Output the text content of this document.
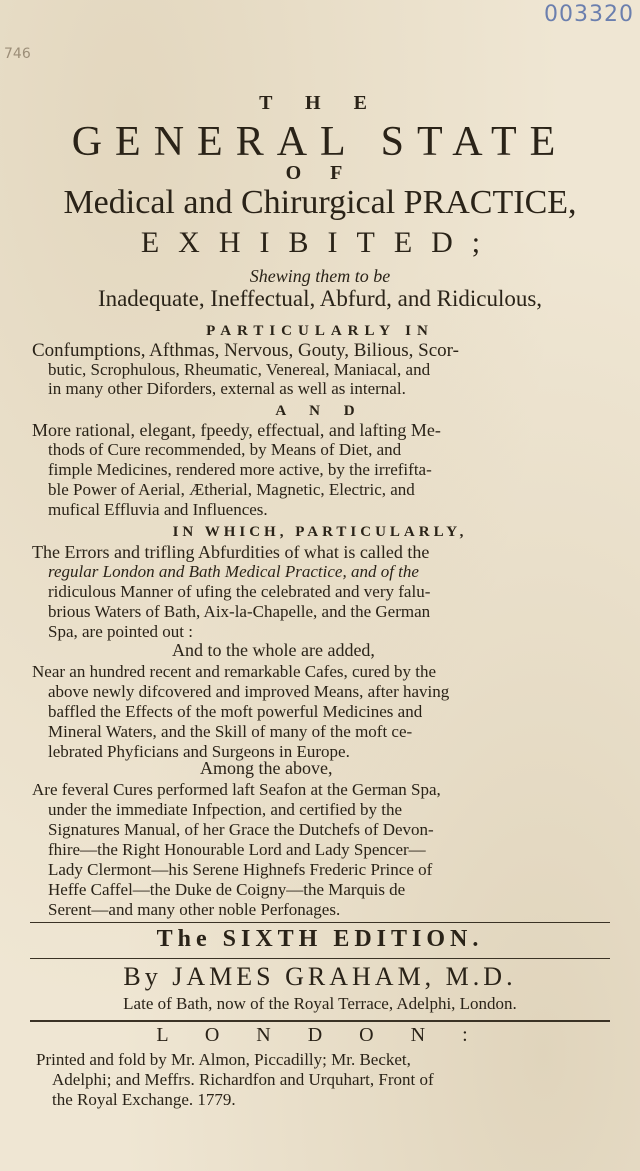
003320
746
T H E
GENERAL STATE
O F
Medical and Chirurgical PRACTICE,
EXHIBITED;
Shewing them to be
Inadequate, Ineffectual, Abfurd, and Ridiculous,
PARTICULARLY IN
Confumptions, Afthmas, Nervous, Gouty, Bilious, Scor-
butic, Scrophulous, Rheumatic, Venereal, Maniacal, and
in many other Diforders, external as well as internal.
A N D
More rational, elegant, fpeedy, effectual, and lafting Me-
thods of Cure recommended, by Means of Diet, and
fimple Medicines, rendered more active, by the irrefifta-
ble Power of Aerial, Ætherial, Magnetic, Electric, and
mufical Effluvia and Influences.
IN WHICH, PARTICULARLY,
The Errors and trifling Abfurdities of what is called the
regular London and Bath Medical Practice, and of the
ridiculous Manner of ufing the celebrated and very falu-
brious Waters of Bath, Aix-la-Chapelle, and the German
Spa, are pointed out :
And to the whole are added,
Near an hundred recent and remarkable Cafes, cured by the
above newly difcovered and improved Means, after having
baffled the Effects of the moft powerful Medicines and
Mineral Waters, and the Skill of many of the moft ce-
lebrated Phyficians and Surgeons in Europe.
Among the above,
Are feveral Cures performed laft Seafon at the German Spa,
under the immediate Infpection, and certified by the
Signatures Manual, of her Grace the Dutchefs of Devon-
fhire—the Right Honourable Lord and Lady Spencer—
Lady Clermont—his Serene Highnefs Frederic Prince of
Heffe Caffel—the Duke de Coigny—the Marquis de
Serent—and many other noble Perfonages.
The SIXTH EDITION.
By JAMES GRAHAM, M.D.
Late of Bath, now of the Royal Terrace, Adelphi, London.
L O N D O N :
Printed and fold by Mr. Almon, Piccadilly; Mr. Becket,
Adelphi; and Meffrs. Richardfon and Urquhart, Front of
the Royal Exchange. 1779.
